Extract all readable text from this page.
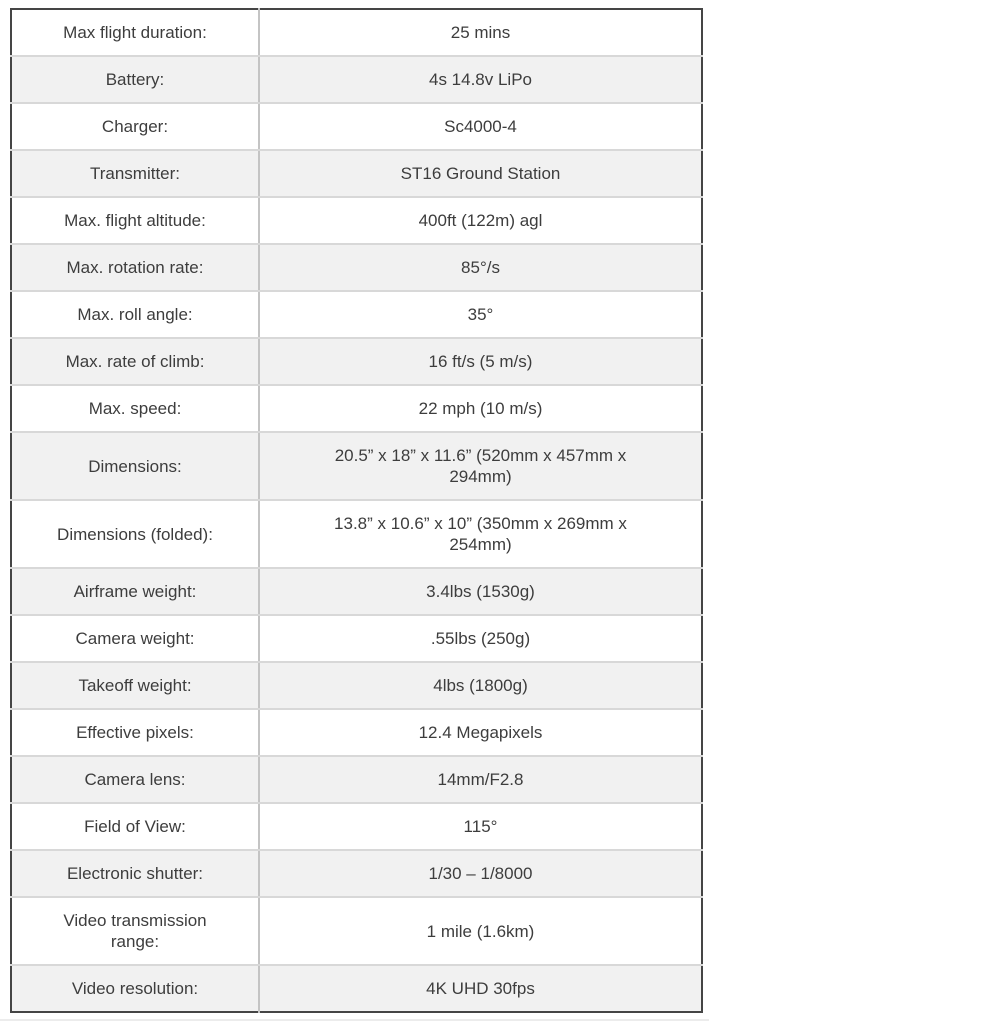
Max flight duration:	25 mins
Battery:	4s 14.8v LiPo
Charger:	Sc4000-4
Transmitter:	ST16 Ground Station
Max. flight altitude:	400ft (122m) agl
Max. rotation rate:	85°/s
Max. roll angle:	35°
Max. rate of climb:	16 ft/s (5 m/s)
Max. speed:	22 mph (10 m/s)
Dimensions:	20.5” x 18” x 11.6” (520mm x 457mm x 294mm)
Dimensions (folded):	13.8” x 10.6” x 10” (350mm x 269mm x 254mm)
Airframe weight:	3.4lbs (1530g)
Camera weight:	.55lbs (250g)
Takeoff weight:	4lbs (1800g)
Effective pixels:	12.4 Megapixels
Camera lens:	14mm/F2.8
Field of View:	115°
Electronic shutter:	1/30 – 1/8000
Video transmission range:	1 mile (1.6km)
Video resolution:	4K UHD 30fps
